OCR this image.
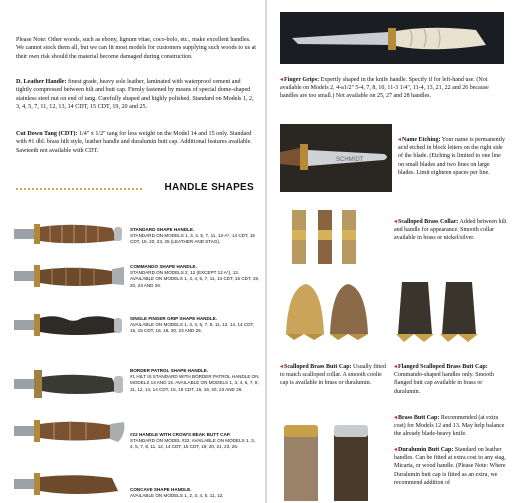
Please Note: Other woods, such as ebony, lignum vitae, coco-bolo, etc., make excellent handles. We cannot stock them all, but we can fit most models for customers supplying such woods to us at their own risk should the material become damaged during construction.

D. Leather Handle: finest grade, heavy sole leather, laminated with waterproof cement and tightly compressed between hilt and butt cap. Firmly fastened by means of special dome-shaped stainless steel nut on end of tang. Carefully shaped and highly polished. Standard on Models 1, 2, 3, 4, 5, 7, 11, 12, 13, 14 CDT, 15 CDT, 19, 20 and 25.

Cut Down Tang (CDT): 1/4" x 1/2" tang for less weight on the Model 14 and 15 only. Standard with #1 dbl. brass hilt style, leather handle and duralumin butt cap. Additional features available. Sawteeth not available with CDT.

HANDLE SHAPES
STANDARD SHAPE HANDLE.
STANDARD ON MODELS 1, 3, 4, 5, 7, 11, 12-A*, 14 CDT, 15 CDT, 19, 20, 23, 25 (LEATHER AND STAG).
COMMANDO SHAPE HANDLE.
STANDARD ON MODELS 2, 12 (EXCEPT 12 A*), 13. AVAILABLE ON MODELS 1, 3, 4, 5, 7, 11, 14 CDT, 15 CDT, 19, 20, 23 AND 26.
SINGLE FINGER GRIP SHAPE HANDLE.
AVAILABLE ON MODELS 1, 3, 4, 5, 7, 8, 11, 12, 14, 14 CDT, 15, 15 CDT, 16, 19, 20, 23 AND 26.
BORDER PATROL SHAPE HANDLE.
#1 HILT IS STANDARD WITH BORDER PATROL HANDLE ON MODELS 14 AND 15. AVAILABLE ON MODELS 1, 3, 4, 5, 7, 8, 11, 12, 14, 14 CDT, 15, 15 CDT, 16, 19, 20, 23 AND 26.
#22 HANDLE WITH CROW'S BEAK BUTT CAP.
STANDARD ON MODEL #22. AVAILABLE ON MODELS 1, 3, 4, 5, 7, 8, 11, 12, 14 CDT, 15 CDT, 19, 20, 21, 23, 26.
CONCAVE SHAPE HANDLE.
AVAILABLE ON MODELS 1, 2, 3, 4, 5, 11, 12,
SCHMIDT

◂Finger Grips: Expertly shaped in the knife handle. Specify if for left-hand use. (Not available on Models 2, 4-a1/2" 5-4, 7, 8, 10, 11-3 1/4", 11-4, 13, 21, 22 and 26 because handles are too small.) Not available on 25, 27 and 28 handles.

◂Name Etching: Your name is permanently acid etched in block letters on the right side of the blade. (Etching is limited to one line on small blades and two lines on large blades. Limit eighteen spaces per line.

◂Scalloped Brass Collar: Added between hilt and handle for appearance. Smooth collar available in brass or nickel/silver.

◂Scalloped Brass Butt Cap: Usually fitted to match scalloped collar. A smooth coolie cap is available in brass or duralumin.

◂Flanged Scalloped Brass Butt Cap: Commando-shaped handles only. Smooth flanged butt cap available in brass or duralumin.

◂Brass Butt Cap: Recommended (at extra cost) for Models 12 and 13. May help balance the already blade-heavy knife.

◂Duralumin Butt Cap: Standard on leather handles. Can be fitted at extra cost to any stag, Micarta, or wood handle. (Please Note: Where Duralumin butt cap is fitted as an extra, we recommend addition of
